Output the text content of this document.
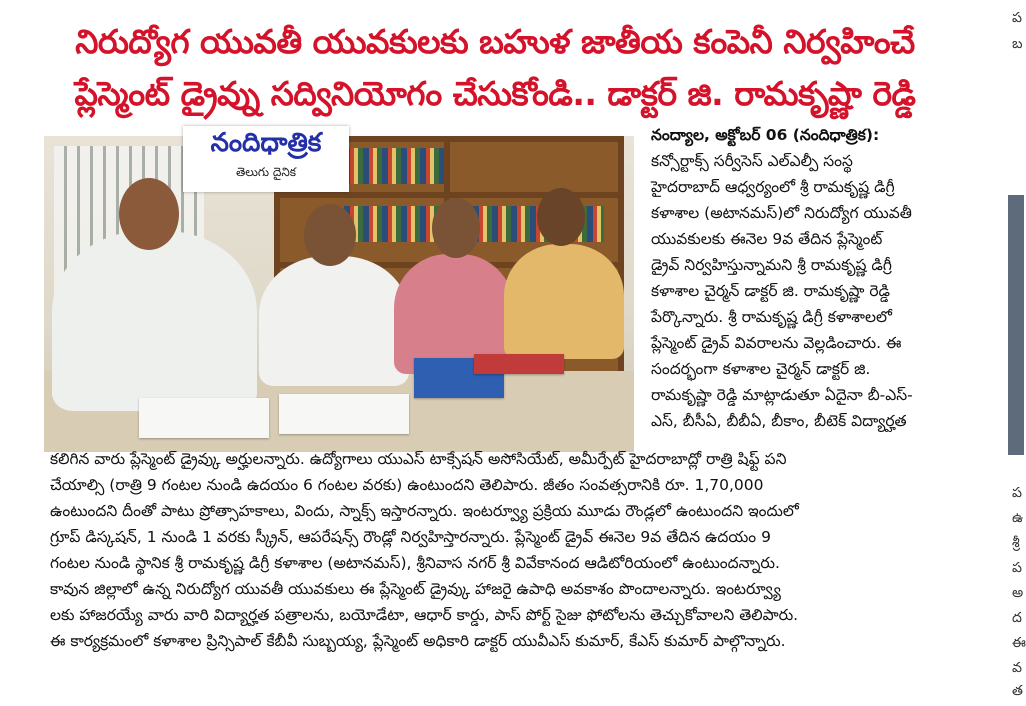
నిరుద్యోగ యువతీ యువకులకు బహుళ జాతీయ కంపెనీ నిర్వహించే
ప్లేస్మెంట్ డ్రైవ్ను సద్వినియోగం చేసుకోండి.. డాక్టర్ జి. రామకృష్ణా రెడ్డి
నందిధాత్రిక
తెలుగు దైనిక
నంద్యాల, అక్టోబర్ 06 (నందిధాత్రిక):
కన్సోర్టాక్స్ సర్వీసెస్ ఎల్ఎల్పీ సంస్థ
హైదరాబాద్ ఆధ్వర్యంలో శ్రీ రామకృష్ణ డిగ్రీ
కళాశాల (అటానమస్)లో నిరుద్యోగ యువతీ
యువకులకు ఈనెల 9వ తేదిన ప్లేస్మెంట్
డ్రైవ్ నిర్వహిస్తున్నామని శ్రీ రామకృష్ణ డిగ్రీ
కళాశాల చైర్మన్ డాక్టర్ జి. రామకృష్ణా రెడ్డి
పేర్కొన్నారు. శ్రీ రామకృష్ణ డిగ్రీ కళాశాలలో
ప్లేస్మెంట్ డ్రైవ్ వివరాలను వెల్లడించారు. ఈ
సందర్భంగా కళాశాల చైర్మన్ డాక్టర్ జి.
రామకృష్ణా రెడ్డి మాట్లాడుతూ ఏదైనా బీ-ఎస్-
ఎస్, బీసీఏ, బీబీఏ, బీకాం, బీటెక్ విద్యార్హత
కలిగిన వారు ప్లేస్మెంట్ డ్రైవ్కు అర్హులన్నారు. ఉద్యోగాలు యుఎస్ టాక్సేషన్ అసోసియేట్, అమీర్పేట్ హైదరాబాద్లో రాత్రి షిఫ్ట్ పని
చేయాల్సి (రాత్రి 9 గంటల నుండి ఉదయం 6 గంటల వరకు) ఉంటుందని తెలిపారు. జీతం సంవత్సరానికి రూ. 1,70,000
ఉంటుందని దీంతో పాటు ప్రోత్సాహకాలు, విందు, స్నాక్స్ ఇస్తారన్నారు. ఇంటర్వ్యూ ప్రక్రియ మూడు రౌండ్లలో ఉంటుందని ఇందులో
గ్రూప్ డిస్కషన్, 1 నుండి 1 వరకు స్క్రీన్, ఆపరేషన్స్ రౌండ్లో నిర్వహిస్తారన్నారు. ప్లేస్మెంట్ డ్రైవ్ ఈనెల 9వ తేదిన ఉదయం 9
గంటల నుండి స్థానిక శ్రీ రామకృష్ణ డిగ్రీ కళాశాల (అటానమస్), శ్రీనివాస నగర్ శ్రీ వివేకానంద ఆడిటోరియంలో ఉంటుందన్నారు.
కావున జిల్లాలో ఉన్న నిరుద్యోగ యువతీ యువకులు ఈ ప్లేస్మెంట్ డ్రైవ్కు హాజరై ఉపాధి అవకాశం పొందాలన్నారు. ఇంటర్వ్యూ
లకు హాజరయ్యే వారు వారి విద్యార్హత పత్రాలను, బయోడేటా, ఆధార్ కార్డు, పాస్ పోర్ట్ సైజు ఫోటోలను తెచ్చుకోవాలని తెలిపారు.
ఈ కార్యక్రమంలో కళాశాల ప్రిన్సిపాల్ కేబీవీ సుబ్బయ్య, ప్లేస్మెంట్ అధికారి డాక్టర్ యువీఎస్ కుమార్, కేఎస్ కుమార్ పాల్గొన్నారు.
ప
బ
ప
ఉ
శ్రీ
ప
అ
ద
ఈ
వ
త
